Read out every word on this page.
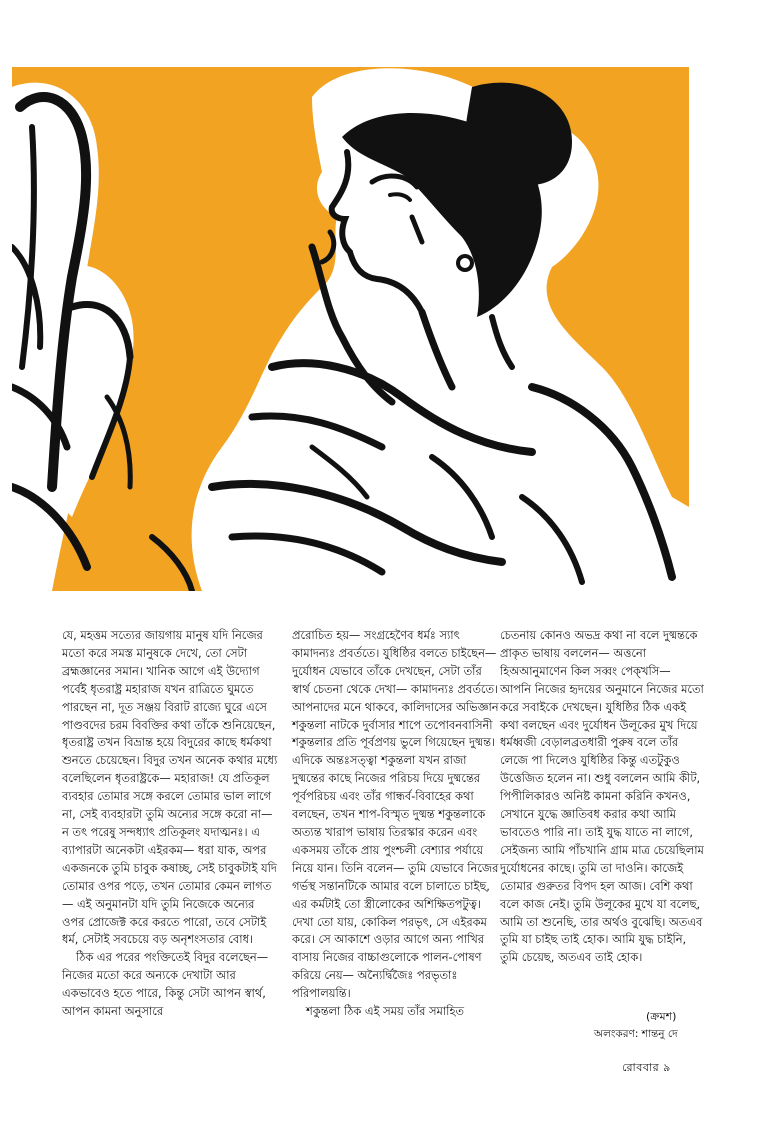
যে, মহত্তম সত্যের জায়গায় মানুষ যদি নিজের মতো করে সমস্ত মানুষকে দেখে, তো সেটা ব্রহ্মজ্ঞানের সমান। খানিক আগে এই উদ্যোগ পর্বেই ধৃতরাষ্ট্র মহারাজ যখন রাত্রিতে ঘুমতে পারছেন না, দূত সঞ্জয় বিরাট রাজ্যে ঘুরে এসে পাণ্ডবদের চরম বিবক্তির কথা তাঁকে শুনিয়েছেন, ধৃতরাষ্ট্র তখন বিভ্রান্ত হয়ে বিদুরের কাছে ধর্মকথা শুনতে চেয়েছেন। বিদুর তখন অনেক কথার মধ্যে বলেছিলেন ধৃতরাষ্ট্রকে— মহারাজ! যে প্রতিকূল ব্যবহার তোমার সঙ্গে করলে তোমার ভাল লাগে না, সেই ব্যবহারটা তুমি অন্যের সঙ্গে করো না— ন তৎ পরেষু সন্দধ্যাৎ প্রতিকূলং যদাত্মনঃ। এ ব্যাপারটা অনেকটা এইরকম— ধরা যাক, অপর একজনকে তুমি চাবুক কষাচ্ছ, সেই চাবুকটাই যদি তোমার ওপর পড়ে, তখন তোমার কেমন লাগত— এই অনুমানটা যদি তুমি নিজেকে অন্যের ওপর প্রোজেক্ট করে করতে পারো, তবে সেটাই ধর্ম, সেটাই সবচেয়ে বড় অনৃশংসতার বোধ।

ঠিক এর পরের পংক্তিতেই বিদুর বলেছেন— নিজের মতো করে অন্যকে দেখাটা আর একভাবেও হতে পারে, কিন্তু সেটা আপন স্বার্থ, আপন কামনা অনুসারে

প্ররোচিত হয়— সংগ্রহেণৈব ধর্মঃ স্যাৎ কামাদন্যঃ প্রবর্ততে। যুধিষ্ঠির বলতে চাইছেন— দুর্যোধন যেভাবে তাঁকে দেখছেন, সেটা তাঁর স্বার্থ চেতনা থেকে দেখা— কামাদন্যঃ প্রবর্ততে। আপনাদের মনে থাকবে, কালিদাসের অভিজ্ঞান শকুন্তলা নাটকে দুর্বাসার শাপে তপোবনবাসিনী শকুন্তলার প্রতি পূর্বপ্রণয় ভুলে গিয়েছেন দুষ্মন্ত। এদিকে অন্তঃসত্ত্বা শকুন্তলা যখন রাজা দুষ্মন্তের কাছে নিজের পরিচয় দিয়ে দুষ্মন্তের পূর্বপরিচয় এবং তাঁর গান্ধর্ব-বিবাহের কথা বলছেন, তখন শাপ-বিস্মৃত দুষ্মন্ত শকুন্তলাকে অত্যন্ত খারাপ ভাষায় তিরস্কার করেন এবং একসময় তাঁকে প্রায় পুংশ্চলী বেশ্যার পর্যায়ে নিয়ে যান। তিনি বলেন— তুমি যেভাবে নিজের গর্ভস্থ সন্তানটিকে আমার বলে চালাতে চাইছ, এর কর্মটাই তো স্ত্রীলোকের অশিক্ষিতপটুত্ব। দেখা তো যায়, কোকিল পরভৃৎ, সে এইরকম করে। সে আকাশে ওড়ার আগে অন্য পাখির বাসায় নিজের বাচ্চাগুলোকে পালন-পোষণ করিয়ে নেয়— অন্যৈর্দ্বিজৈঃ পরভৃতাঃ পরিপালয়ন্তি।

শকুন্তলা ঠিক এই সময় তাঁর সমাহিত

চেতনায় কোনও অভদ্র কথা না বলে দুষ্মন্তকে প্রাকৃত ভাষায় বললেন— অত্তনো হিঅআনুমাণেন কিল সব্বং পেক্‌খসি— আপনি নিজের হৃদয়ের অনুমানে নিজের মতো করে সবাইকে দেখছেন। যুধিষ্ঠির ঠিক একই কথা বলছেন এবং দুর্যোধন উলূকের মুখ দিয়ে ধর্মধ্বজী বেড়ালব্রতধারী পুরুষ বলে তাঁর লেজে পা দিলেও যুধিষ্ঠির কিন্তু এতটুকুও উত্তেজিত হলেন না। শুধু বললেন আমি কীট, পিপীলিকারও অনিষ্ট কামনা করিনি কখনও, সেখানে যুদ্ধে জ্ঞাতিবধ করার কথা আমি ভাবতেও পারি না। তাই যুদ্ধ যাতে না লাগে, সেইজন্য আমি পাঁচখানি গ্রাম মাত্র চেয়েছিলাম দুর্যোধনের কাছে। তুমি তা দাওনি। কাজেই তোমার গুরুতর বিপদ হল আজ। বেশি কথা বলে কাজ নেই। তুমি উলূকের মুখে যা বলেছ, আমি তা শুনেছি, তার অর্থও বুঝেছি। অতএব তুমি যা চাইছ তাই হোক। আমি যুদ্ধ চাইনি, তুমি চেয়েছ, অতএব তাই হোক।

(ক্রমশ)
অলংকরণ: শান্তনু দে
রোববার ৯
